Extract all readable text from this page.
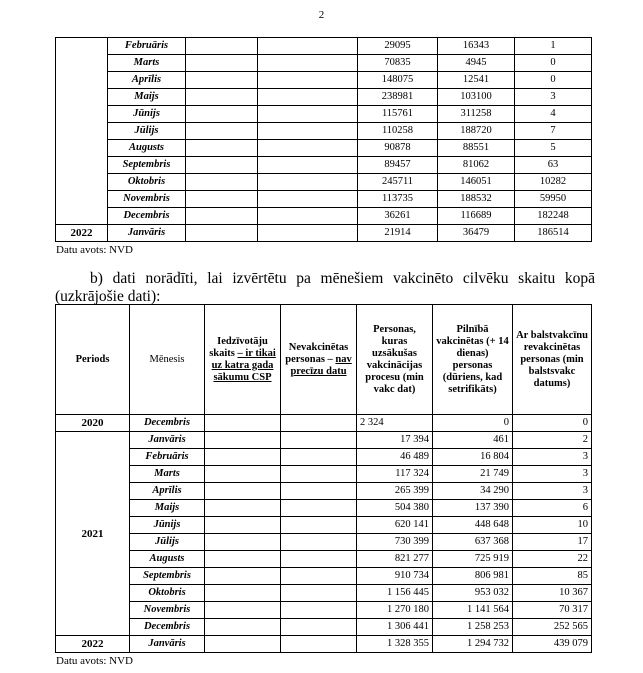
2
	Februāris			29095	16343	1
	Marts			70835	4945	0
	Aprīlis			148075	12541	0
	Maijs			238981	103100	3
	Jūnijs			115761	311258	4
	Jūlijs			110258	188720	7
	Augusts			90878	88551	5
	Septembris			89457	81062	63
	Oktobris			245711	146051	10282
	Novembris			113735	188532	59950
	Decembris			36261	116689	182248
2022	Janvāris			21914	36479	186514
Datu avots: NVD
b) dati norādīti, lai izvērtētu pa mēnešiem vakcinēto cilvēku skaitu kopā
(uzkrājošie dati):
Periods	Mēnesis	Iedzīvotāju skaits – ir tikai uz katra gada sākumu CSP	Nevakcinētas personas – nav precīzu datu	Personas, kuras uzsākušas vakcinācijas procesu (min vakc dat)	Pilnībā vakcinētas (+ 14 dienas) personas (dūriens, kad setrifikāts)	Ar balstvakcīnu revakcinētas personas (min balstsvakc datums)
2020	Decembris			2 324	0	0
2021	Janvāris			17 394	461	2
	Februāris			46 489	16 804	3
	Marts			117 324	21 749	3
	Aprīlis			265 399	34 290	3
	Maijs			504 380	137 390	6
	Jūnijs			620 141	448 648	10
	Jūlijs			730 399	637 368	17
	Augusts			821 277	725 919	22
	Septembris			910 734	806 981	85
	Oktobris			1 156 445	953 032	10 367
	Novembris			1 270 180	1 141 564	70 317
	Decembris			1 306 441	1 258 253	252 565
2022	Janvāris			1 328 355	1 294 732	439 079
Datu avots: NVD
